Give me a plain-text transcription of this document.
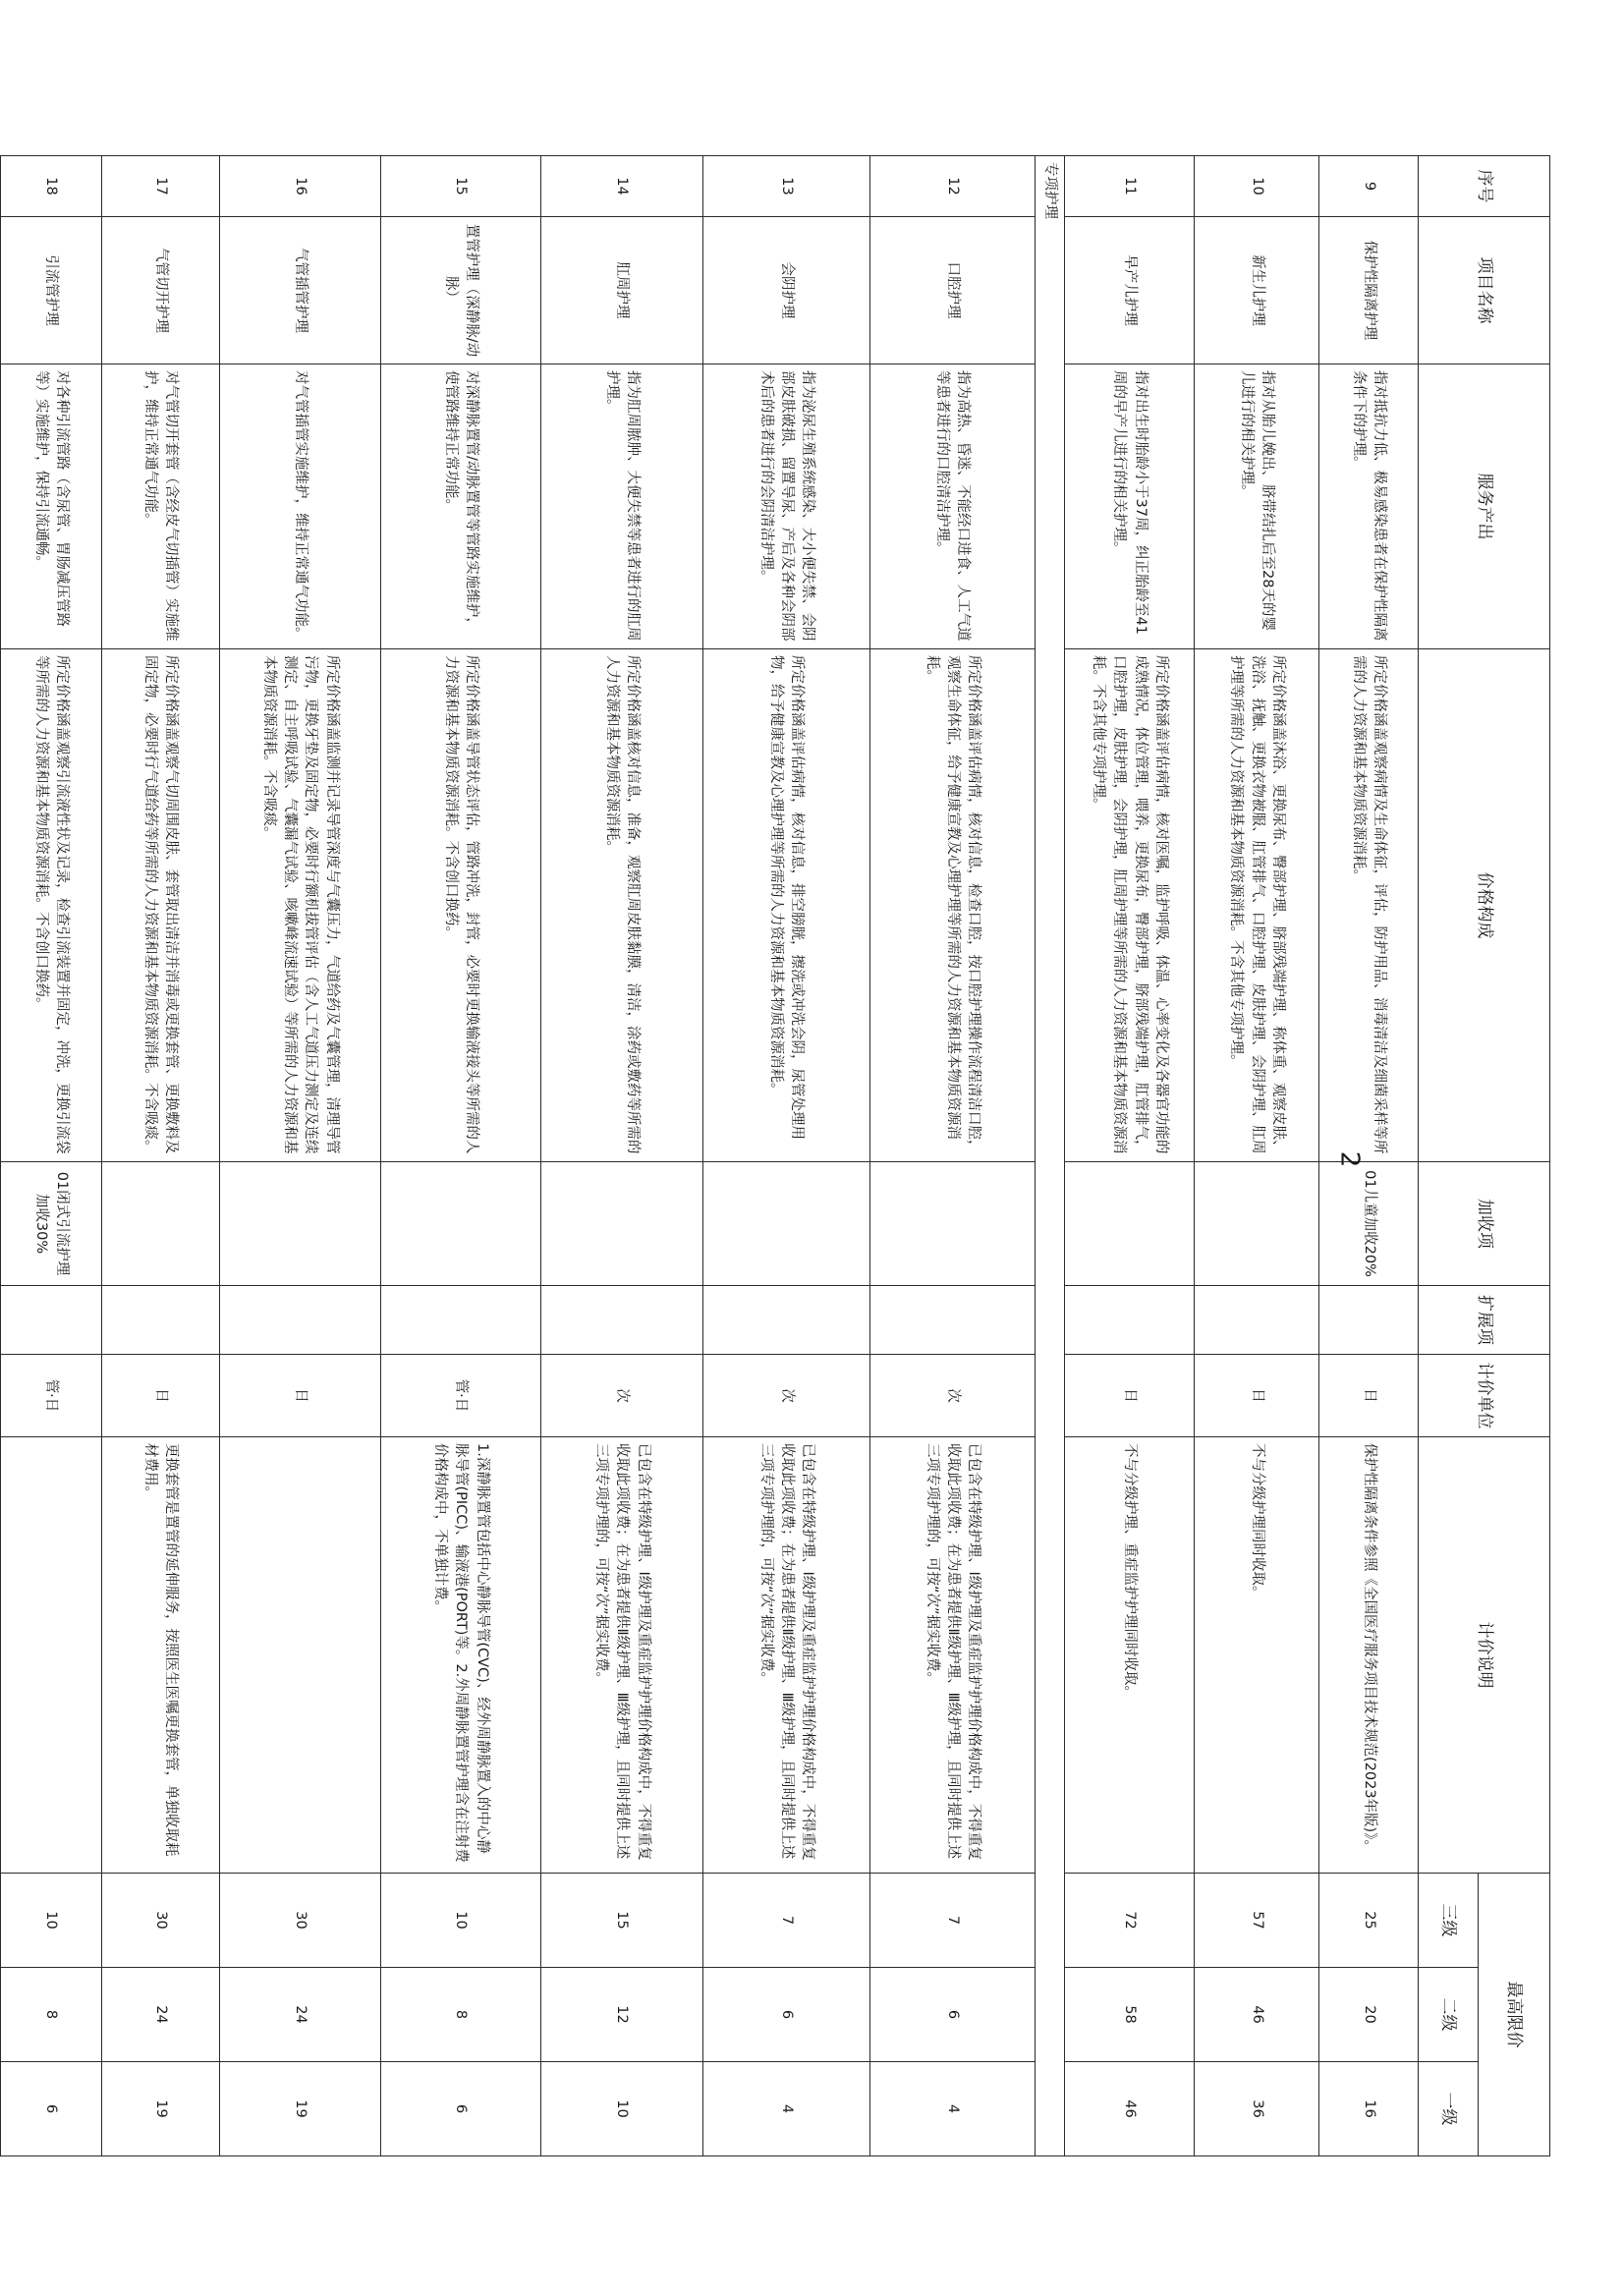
序号	项目名称	服务产出	价格构成	加收项	扩展项	计价单位	计价说明	最高限价		
								三级	二级	一级
9	保护性隔离护理	指对抵抗力低、极易感染患者在保护性隔离条件下的护理。	所定价格涵盖观察病情及生命体征，评估，防护用品、消毒清洁及细菌采样等所需的人力资源和基本物质资源消耗。	01儿童加收20%		日	保护性隔离条件参照《全国医疗服务项目技术规范(2023年版)》。	25	20	16
10	新生儿护理	指对从胎儿娩出、脐带结扎后至28天的婴儿进行的相关护理。	所定价格涵盖沐浴、更换尿布、臀部护理、脐部残端护理、称体重、观察皮肤、洗浴、抚触、更换衣物被服、肛管排气、口腔护理、皮肤护理、会阴护理、肛周护理等所需的人力资源和基本物质资源消耗。不含其他专项护理。			日	不与分级护理同时收取。	57	46	36
11	早产儿护理	指对出生时胎龄小于37周，纠正胎龄至41周的早产儿进行的相关护理。	所定价格涵盖评估病情，核对医嘱，监护呼吸、体温、心率变化及各器官功能的成熟情况，体位管理，喂养，更换尿布，臀部护理，脐部残端护理，肛管排气，口腔护理，皮肤护理，会阴护理，肛周护理等所需的人力资源和基本物质资源消耗。不含其他专项护理。			日	不与分级护理、重症监护护理同时收取。	72	58	46
专项护理										
12	口腔护理	指为高热、昏迷、不能经口进食、人工气道等患者进行的口腔清洁护理。	所定价格涵盖评估病情，核对信息，检查口腔，按口腔护理操作流程清洁口腔，观察生命体征，给予健康宣教及心理护理等所需的人力资源和基本物质资源消耗。			次	已包含在特级护理、Ⅰ级护理及重症监护护理价格构成中，不得重复收取此项收费；在为患者提供Ⅱ级护理、Ⅲ级护理，且同时提供上述三项专项护理的，可按“次”据实收费。	7	6	4
13	会阴护理	指为泌尿生殖系统感染、大小便失禁、会阴部皮肤破损、留置导尿、产后及各种会阴部术后的患者进行的会阴清洁护理。	所定价格涵盖评估病情，核对信息，排空膀胱，擦洗或冲洗会阴，尿管处理用物，给予健康宣教及心理护理等所需的人力资源和基本物质资源消耗。			次	已包含在特级护理、Ⅰ级护理及重症监护护理价格构成中，不得重复收取此项收费；在为患者提供Ⅱ级护理、Ⅲ级护理，且同时提供上述三项专项护理的，可按“次”据实收费。	7	6	4
14	肛周护理	指为肛周脓肿、大便失禁等患者进行的肛周护理。	所定价格涵盖核对信息，准备，观察肛周皮肤黏膜，清洁，涂药或敷药等所需的人力资源和基本物质资源消耗。			次	已包含在特级护理、Ⅰ级护理及重症监护护理价格构成中，不得重复收取此项收费；在为患者提供Ⅱ级护理、Ⅲ级护理，且同时提供上述三项专项护理的，可按“次”据实收费。	15	12	10
15	置管护理（深静脉/动脉）	对深静脉置管/动脉置管等管路实施维护，使管路维持正常功能。	所定价格涵盖导管状态评估，管路冲洗，封管，必要时更换输液接头等所需的人力资源和基本物质资源消耗。不含创口换药。			管·日	1.深静脉置管包括中心静脉导管(CVC)、经外周静脉置入的中心静脉导管(PICC)、输液港(PORT)等。2.外周静脉置管护理含在注射费价格构成中，不单独计费。	10	8	6
16	气管插管护理	对气管插管实施维护，维持正常通气功能。	所定价格涵盖监测并记录导管深度与气囊压力，气道给药及气囊管理，清理导管污物，更换牙垫及固定物，必要时行额机拔管评估（含人工气道压力测定及连续测定、自主呼吸试验、气囊漏气试验、咳嗽峰流速试验）等所需的人力资源和基本物质资源消耗。不含吸痰。			日		30	24	19
17	气管切开护理	对气管切开套管（含经皮气切插管）实施维护，维持正常通气功能。	所定价格涵盖观察气切周围皮肤、套管取出清洁并消毒或更换套管、更换敷料及固定物，必要时行气道给药等所需的人力资源和基本物质资源消耗。不含吸痰。			日	更换套管是置管的延伸服务，按照医生医嘱更换套管，单独收取耗材费用。	30	24	19
18	引流管护理	对各种引流管路（含尿管、胃肠减压管路等）实施维护，保持引流通畅。	所定价格涵盖观察引流液性状及记录，检查引流装置并固定，冲洗，更换引流袋等所需的人力资源和基本物质资源消耗。不含创口换药。	01闭式引流护理加收30%		管·日		10	8	6
2
